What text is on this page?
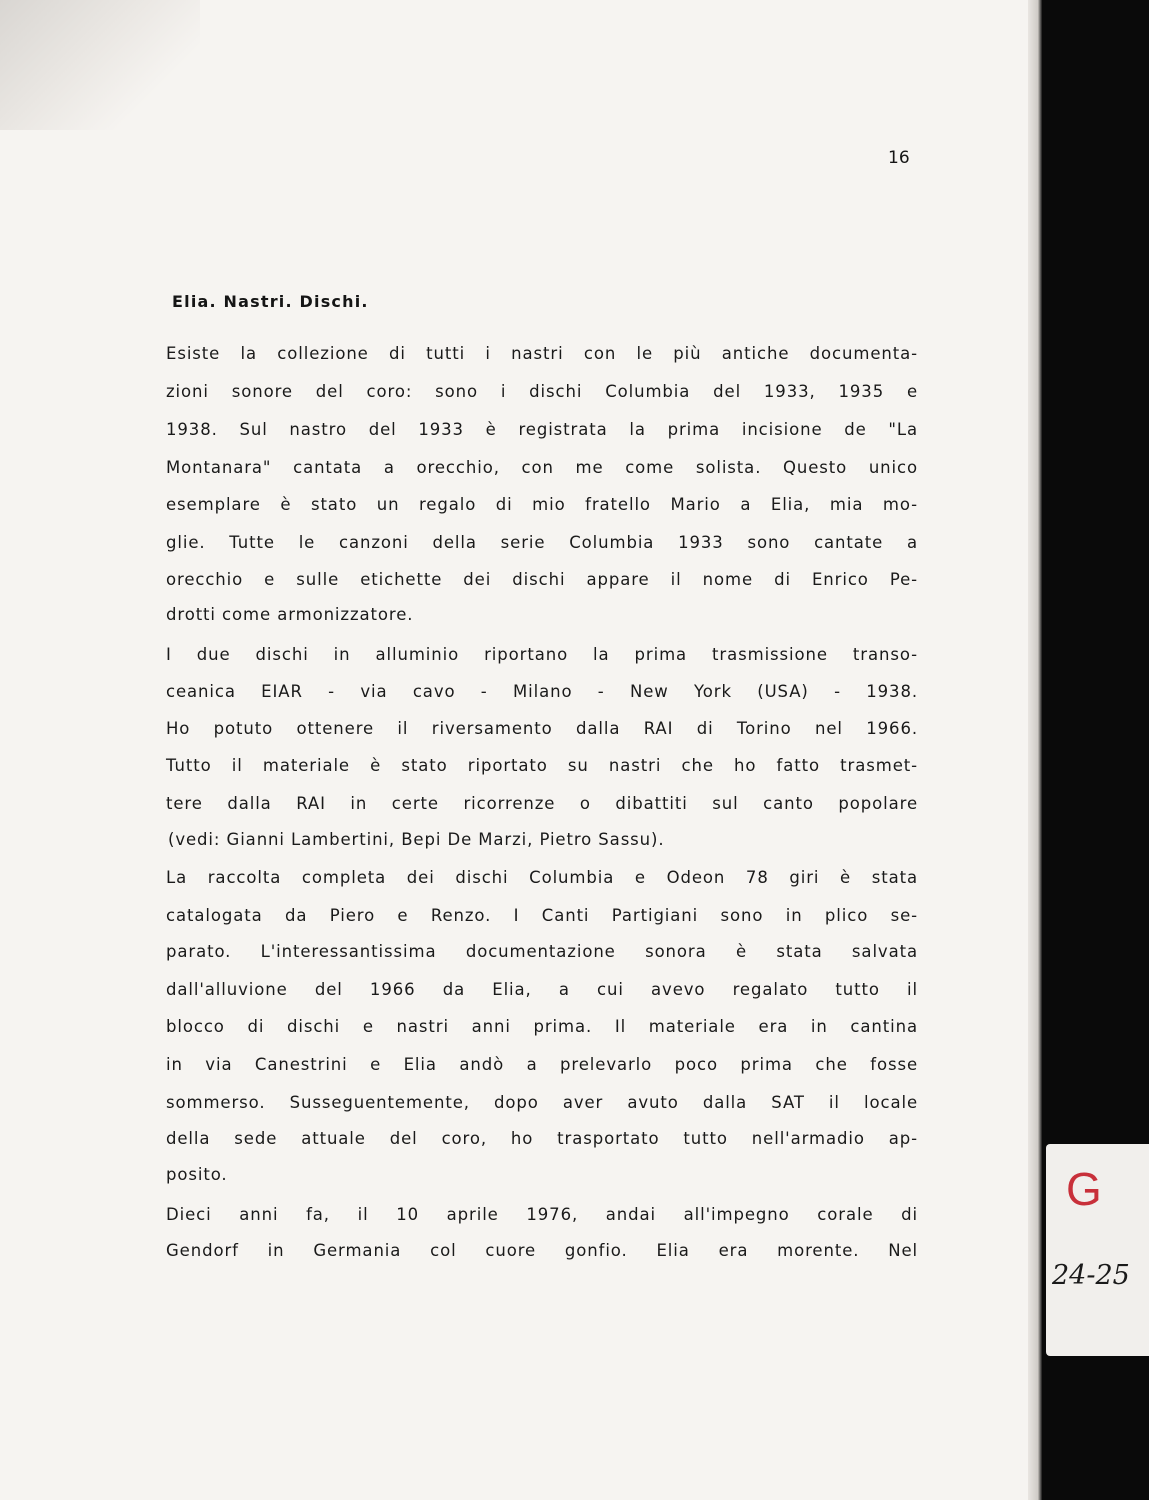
16
Elia. Nastri. Dischi.
Esiste la collezione di tutti i nastri con le più antiche documenta-
zioni sonore del coro: sono i dischi Columbia del 1933, 1935 e
1938. Sul nastro del 1933 è registrata la prima incisione de "La
Montanara" cantata a orecchio, con me come solista. Questo unico
esemplare è stato un regalo di mio fratello Mario a Elia, mia mo-
glie. Tutte le canzoni della serie Columbia 1933 sono cantate a
orecchio e sulle etichette dei dischi appare il nome di Enrico Pe-
drotti come armonizzatore.
I due dischi in alluminio riportano la prima trasmissione transo-
ceanica EIAR - via cavo - Milano - New York (USA) - 1938.
Ho potuto ottenere il riversamento dalla RAI di Torino nel 1966.
Tutto il materiale è stato riportato su nastri che ho fatto trasmet-
tere dalla RAI in certe ricorrenze o dibattiti sul canto popolare
(vedi: Gianni Lambertini, Bepi De Marzi, Pietro Sassu).
La raccolta completa dei dischi Columbia e Odeon 78 giri è stata
catalogata da Piero e Renzo. I Canti Partigiani sono in plico se-
parato. L'interessantissima documentazione sonora è stata salvata
dall'alluvione del 1966 da Elia, a cui avevo regalato tutto il
blocco di dischi e nastri anni prima. Il materiale era in cantina
in via Canestrini e Elia andò a prelevarlo poco prima che fosse
sommerso. Susseguentemente, dopo aver avuto dalla SAT il locale
della sede attuale del coro, ho trasportato tutto nell'armadio ap-
posito.
Dieci anni fa, il 10 aprile 1976, andai all'impegno corale di
Gendorf in Germania col cuore gonfio. Elia era morente. Nel
G
24-25
